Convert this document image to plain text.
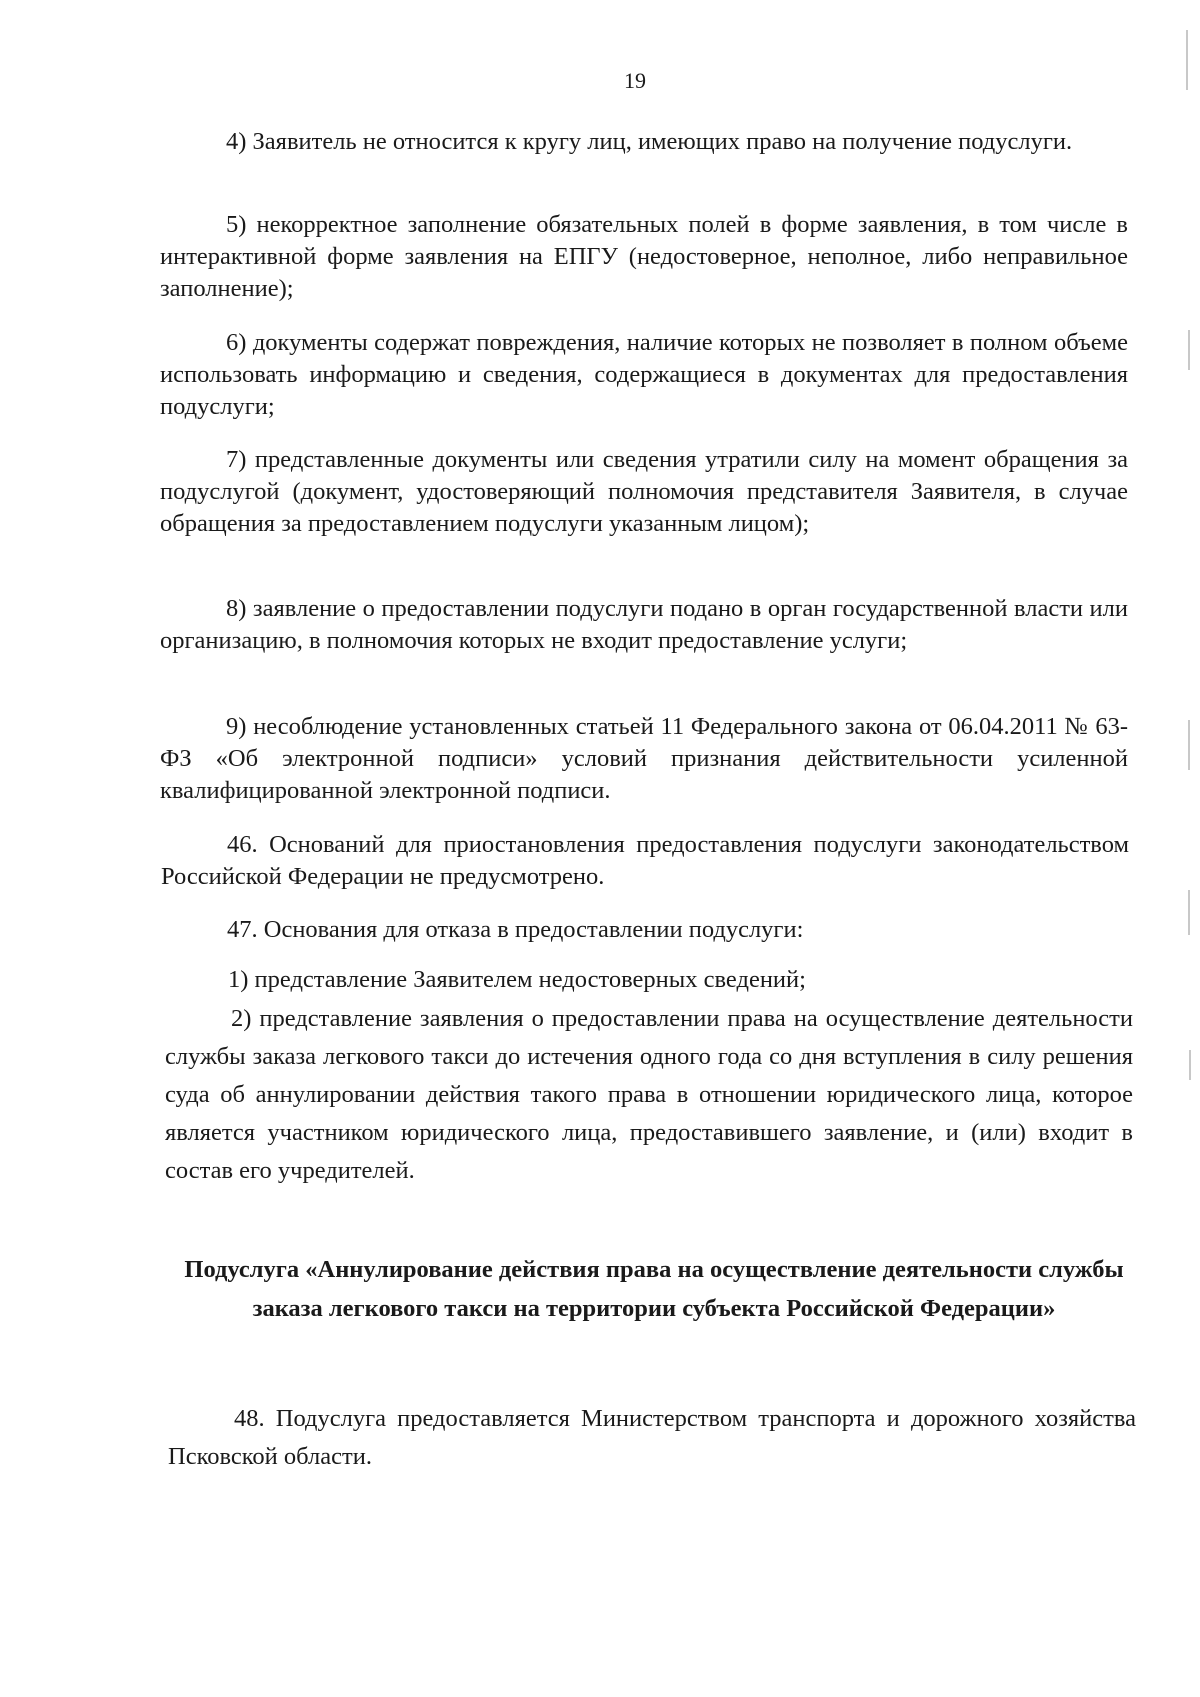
19
4) Заявитель не относится к кругу лиц, имеющих право на получение подуслуги.
5) некорректное заполнение обязательных полей в форме заявления, в том числе в интерактивной форме заявления на ЕПГУ (недостоверное, неполное, либо неправильное заполнение);
6) документы содержат повреждения, наличие которых не позволяет в полном объеме использовать информацию и сведения, содержащиеся в документах для предоставления подуслуги;
7) представленные документы или сведения утратили силу на момент обращения за подуслугой (документ, удостоверяющий полномочия представителя Заявителя, в случае обращения за предоставлением подуслуги указанным лицом);
8) заявление о предоставлении подуслуги подано в орган государственной власти или организацию, в полномочия которых не входит предоставление услуги;
9) несоблюдение установленных статьей 11 Федерального закона от 06.04.2011 № 63-ФЗ «Об электронной подписи» условий признания действительности усиленной квалифицированной электронной подписи.
46. Оснований для приостановления предоставления подуслуги законодательством Российской Федерации не предусмотрено.
47. Основания для отказа в предоставлении подуслуги:
1) представление Заявителем недостоверных сведений;
2) представление заявления о предоставлении права на осуществление деятельности службы заказа легкового такси до истечения одного года со дня вступления в силу решения суда об аннулировании действия такого права в отношении юридического лица, которое является участником юридического лица, предоставившего заявление, и (или) входит в состав его учредителей.
Подуслуга «Аннулирование действия права на осуществление деятельности службы заказа легкового такси на территории субъекта Российской Федерации»
48. Подуслуга предоставляется Министерством транспорта и дорожного хозяйства Псковской области.
